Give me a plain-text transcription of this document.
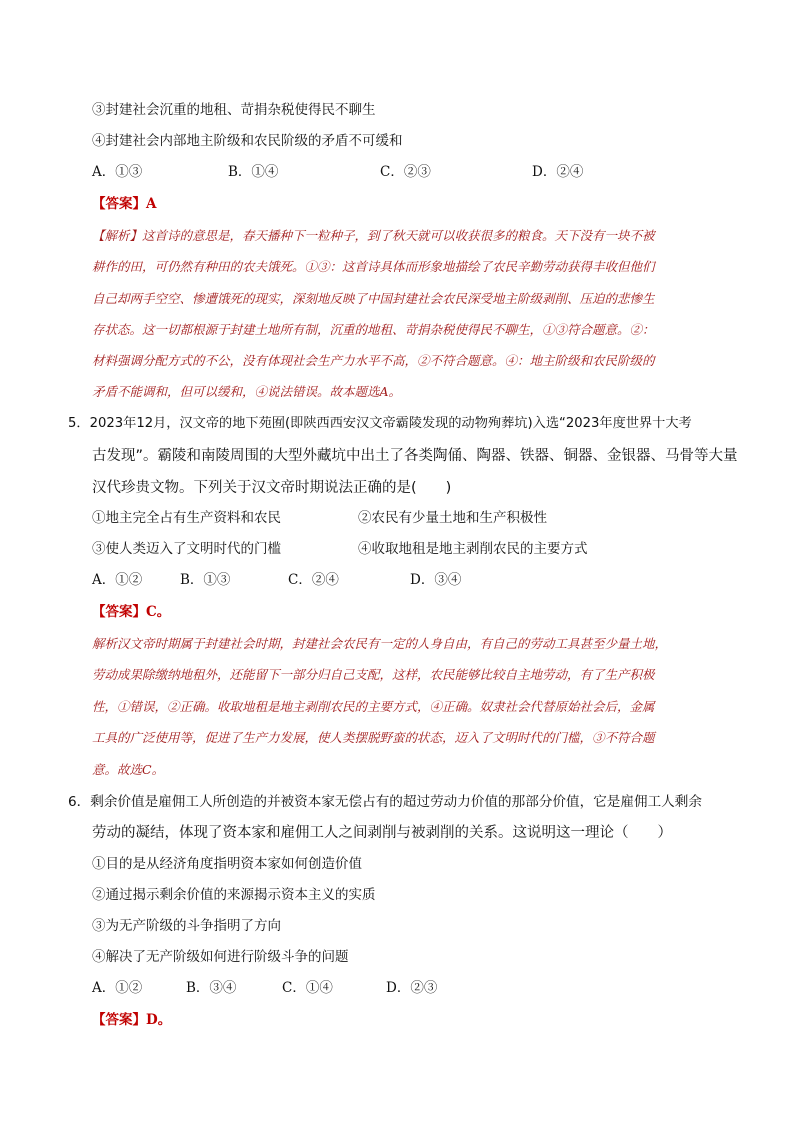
③封建社会沉重的地租、苛捐杂税使得民不聊生
④封建社会内部地主阶级和农民阶级的矛盾不可缓和
A．①③	B．①④	C．②③	D．②④
【答案】A
【解析】这首诗的意思是，春天播种下一粒种子，到了秋天就可以收获很多的粮食。天下没有一块不被
耕作的田，可仍然有种田的农夫饿死。①③：这首诗具体而形象地描绘了农民辛勤劳动获得丰收但他们
自己却两手空空、惨遭饿死的现实，深刻地反映了中国封建社会农民深受地主阶级剥削、压迫的悲惨生
存状态。这一切都根源于封建土地所有制，沉重的地租、苛捐杂税使得民不聊生，①③符合题意。②：
材料强调分配方式的不公，没有体现社会生产力水平不高，②不符合题意。④：地主阶级和农民阶级的
矛盾不能调和，但可以缓和，④说法错误。故本题选A。
5．2023年12月，汉文帝的地下苑囿(即陕西西安汉文帝霸陵发现的动物殉葬坑)入选“2023年度世界十大考
古发现”。霸陵和南陵周围的大型外藏坑中出土了各类陶俑、陶器、铁器、铜器、金银器、马骨等大量
汉代珍贵文物。下列关于汉文帝时期说法正确的是(　　)
①地主完全占有生产资料和农民	②农民有少量土地和生产积极性
③使人类迈入了文明时代的门槛	④收取地租是地主剥削农民的主要方式
A．①②	B．①③	C．②④	D．③④
【答案】C。
解析汉文帝时期属于封建社会时期，封建社会农民有一定的人身自由，有自己的劳动工具甚至少量土地，
劳动成果除缴纳地租外，还能留下一部分归自己支配，这样，农民能够比较自主地劳动，有了生产积极
性，①错误，②正确。收取地租是地主剥削农民的主要方式，④正确。奴隶社会代替原始社会后，金属
工具的广泛使用等，促进了生产力发展，使人类摆脱野蛮的状态，迈入了文明时代的门槛，③不符合题
意。故选C。
6．剩余价值是雇佣工人所创造的并被资本家无偿占有的超过劳动力价值的那部分价值，它是雇佣工人剩余
劳动的凝结，体现了资本家和雇佣工人之间剥削与被剥削的关系。这说明这一理论（　　）
①目的是从经济角度指明资本家如何创造价值
②通过揭示剩余价值的来源揭示资本主义的实质
③为无产阶级的斗争指明了方向
④解决了无产阶级如何进行阶级斗争的问题
A．①②	B．③④	C．①④	D．②③
【答案】D。
